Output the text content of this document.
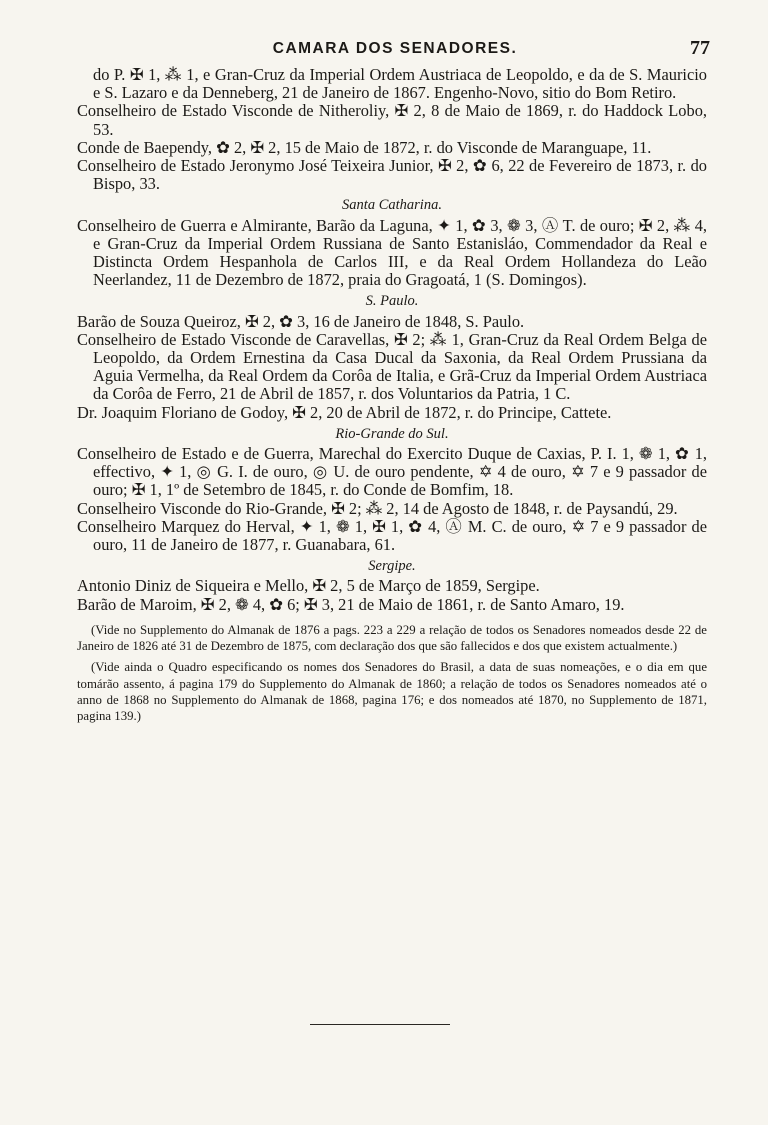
CAMARA DOS SENADORES.	77

do P. ✠ 1, ⁂ 1, e Gran-Cruz da Imperial Ordem Austriaca de Leopoldo, e da de S. Mauricio e S. Lazaro e da Denneberg, 21 de Janeiro de 1867. Engenho-Novo, sitio do Bom Retiro.

Conselheiro de Estado Visconde de Nitheroliy, ✠ 2, 8 de Maio de 1869, r. do Haddock Lobo, 53.

Conde de Baependy, ✿ 2, ✠ 2, 15 de Maio de 1872, r. do Visconde de Maranguape, 11.

Conselheiro de Estado Jeronymo José Teixeira Junior, ✠ 2, ✿ 6, 22 de Fevereiro de 1873, r. do Bispo, 33.

Santa Catharina.

Conselheiro de Guerra e Almirante, Barão da Laguna, ✦ 1, ✿ 3, ❁ 3, Ⓐ T. de ouro; ✠ 2, ⁂ 4, e Gran-Cruz da Imperial Ordem Russiana de Santo Estanisláo, Commendador da Real e Distincta Ordem Hespanhola de Carlos III, e da Real Ordem Hollandeza do Leão Neerlandez, 11 de Dezembro de 1872, praia do Gragoatá, 1 (S. Domingos).

S. Paulo.

Barão de Souza Queiroz, ✠ 2, ✿ 3, 16 de Janeiro de 1848, S. Paulo.

Conselheiro de Estado Visconde de Caravellas, ✠ 2; ⁂ 1, Gran-Cruz da Real Ordem Belga de Leopoldo, da Ordem Ernestina da Casa Ducal da Saxonia, da Real Ordem Prussiana da Aguia Vermelha, da Real Ordem da Corôa de Italia, e Grã-Cruz da Imperial Ordem Austriaca da Corôa de Ferro, 21 de Abril de 1857, r. dos Voluntarios da Patria, 1 C.

Dr. Joaquim Floriano de Godoy, ✠ 2, 20 de Abril de 1872, r. do Principe, Cattete.

Rio-Grande do Sul.

Conselheiro de Estado e de Guerra, Marechal do Exercito Duque de Caxias, P. I. 1, ❁ 1, ✿ 1, effectivo, ✦ 1, ◎ G. I. de ouro, ◎ U. de ouro pendente, ✡ 4 de ouro, ✡ 7 e 9 passador de ouro; ✠ 1, 1º de Setembro de 1845, r. do Conde de Bomfim, 18.

Conselheiro Visconde do Rio-Grande, ✠ 2; ⁂ 2, 14 de Agosto de 1848, r. de Paysandú, 29.

Conselheiro Marquez do Herval, ✦ 1, ❁ 1, ✠ 1, ✿ 4, Ⓐ M. C. de ouro, ✡ 7 e 9 passador de ouro, 11 de Janeiro de 1877, r. Guanabara, 61.

Sergipe.

Antonio Diniz de Siqueira e Mello, ✠ 2, 5 de Março de 1859, Sergipe.

Barão de Maroim, ✠ 2, ❁ 4, ✿ 6; ✠ 3, 21 de Maio de 1861, r. de Santo Amaro, 19.

(Vide no Supplemento do Almanak de 1876 a pags. 223 a 229 a relação de todos os Senadores nomeados desde 22 de Janeiro de 1826 até 31 de Dezembro de 1875, com declaração dos que são fallecidos e dos que existem actualmente.)

(Vide ainda o Quadro especificando os nomes dos Senadores do Brasil, a data de suas nomeações, e o dia em que tomárão assento, á pagina 179 do Supplemento do Almanak de 1860; a relação de todos os Senadores nomeados até o anno de 1868 no Supplemento do Almanak de 1868, pagina 176; e dos nomeados até 1870, no Supplemento de 1871, pagina 139.)
